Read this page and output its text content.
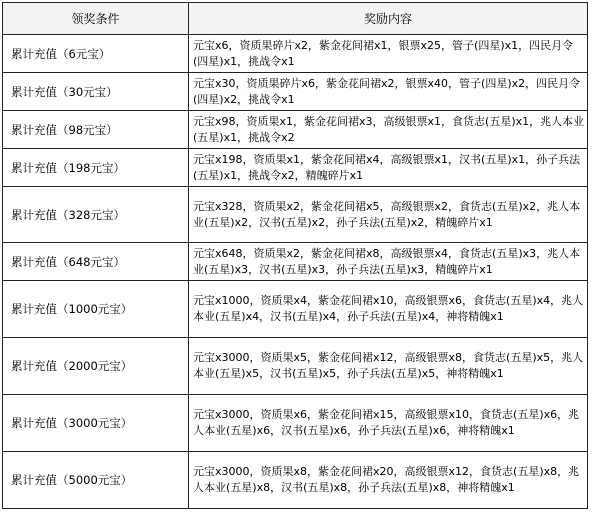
领奖条件	奖励内容
累计充值（6元宝）	元宝x6，资质果碎片x2，紫金花间裙x1，银票x25，管子(四星)x1，四民月令(四星)x1，挑战令x1
累计充值（30元宝）	元宝x30，资质果碎片x6，紫金花间裙x2，银票x40，管子(四星)x2，四民月令(四星)x2，挑战令x1
累计充值（98元宝）	元宝x98，资质果x1，紫金花间裙x3，高级银票x1，食货志(五星)x1，兆人本业(五星)x1，挑战令x2
累计充值（198元宝）	元宝x198，资质果x1，紫金花间裙x4，高级银票x1，汉书(五星)x1，孙子兵法(五星)x1，挑战令x2，精魄碎片x1
累计充值（328元宝）	元宝x328，资质果x2，紫金花间裙x5，高级银票x2，食货志(五星)x2，兆人本业(五星)x2，汉书(五星)x2，孙子兵法(五星)x2，精魄碎片x1
累计充值（648元宝）	元宝x648，资质果x2，紫金花间裙x8，高级银票x4，食货志(五星)x3，兆人本业(五星)x3，汉书(五星)x3，孙子兵法(五星)x3，精魄碎片x1
累计充值（1000元宝）	元宝x1000，资质果x4，紫金花间裙x10，高级银票x6，食货志(五星)x4，兆人本业(五星)x4，汉书(五星)x4，孙子兵法(五星)x4，神将精魄x1
累计充值（2000元宝）	元宝x3000，资质果x5，紫金花间裙x12，高级银票x8，食货志(五星)x5，兆人本业(五星)x5，汉书(五星)x5，孙子兵法(五星)x5，神将精魄x1
累计充值（3000元宝）	元宝x3000，资质果x6，紫金花间裙x15，高级银票x10，食货志(五星)x6，兆人本业(五星)x6，汉书(五星)x6，孙子兵法(五星)x6，神将精魄x1
累计充值（5000元宝）	元宝x3000，资质果x8，紫金花间裙x20，高级银票x12，食货志(五星)x8，兆人本业(五星)x8，汉书(五星)x8，孙子兵法(五星)x8，神将精魄x1
